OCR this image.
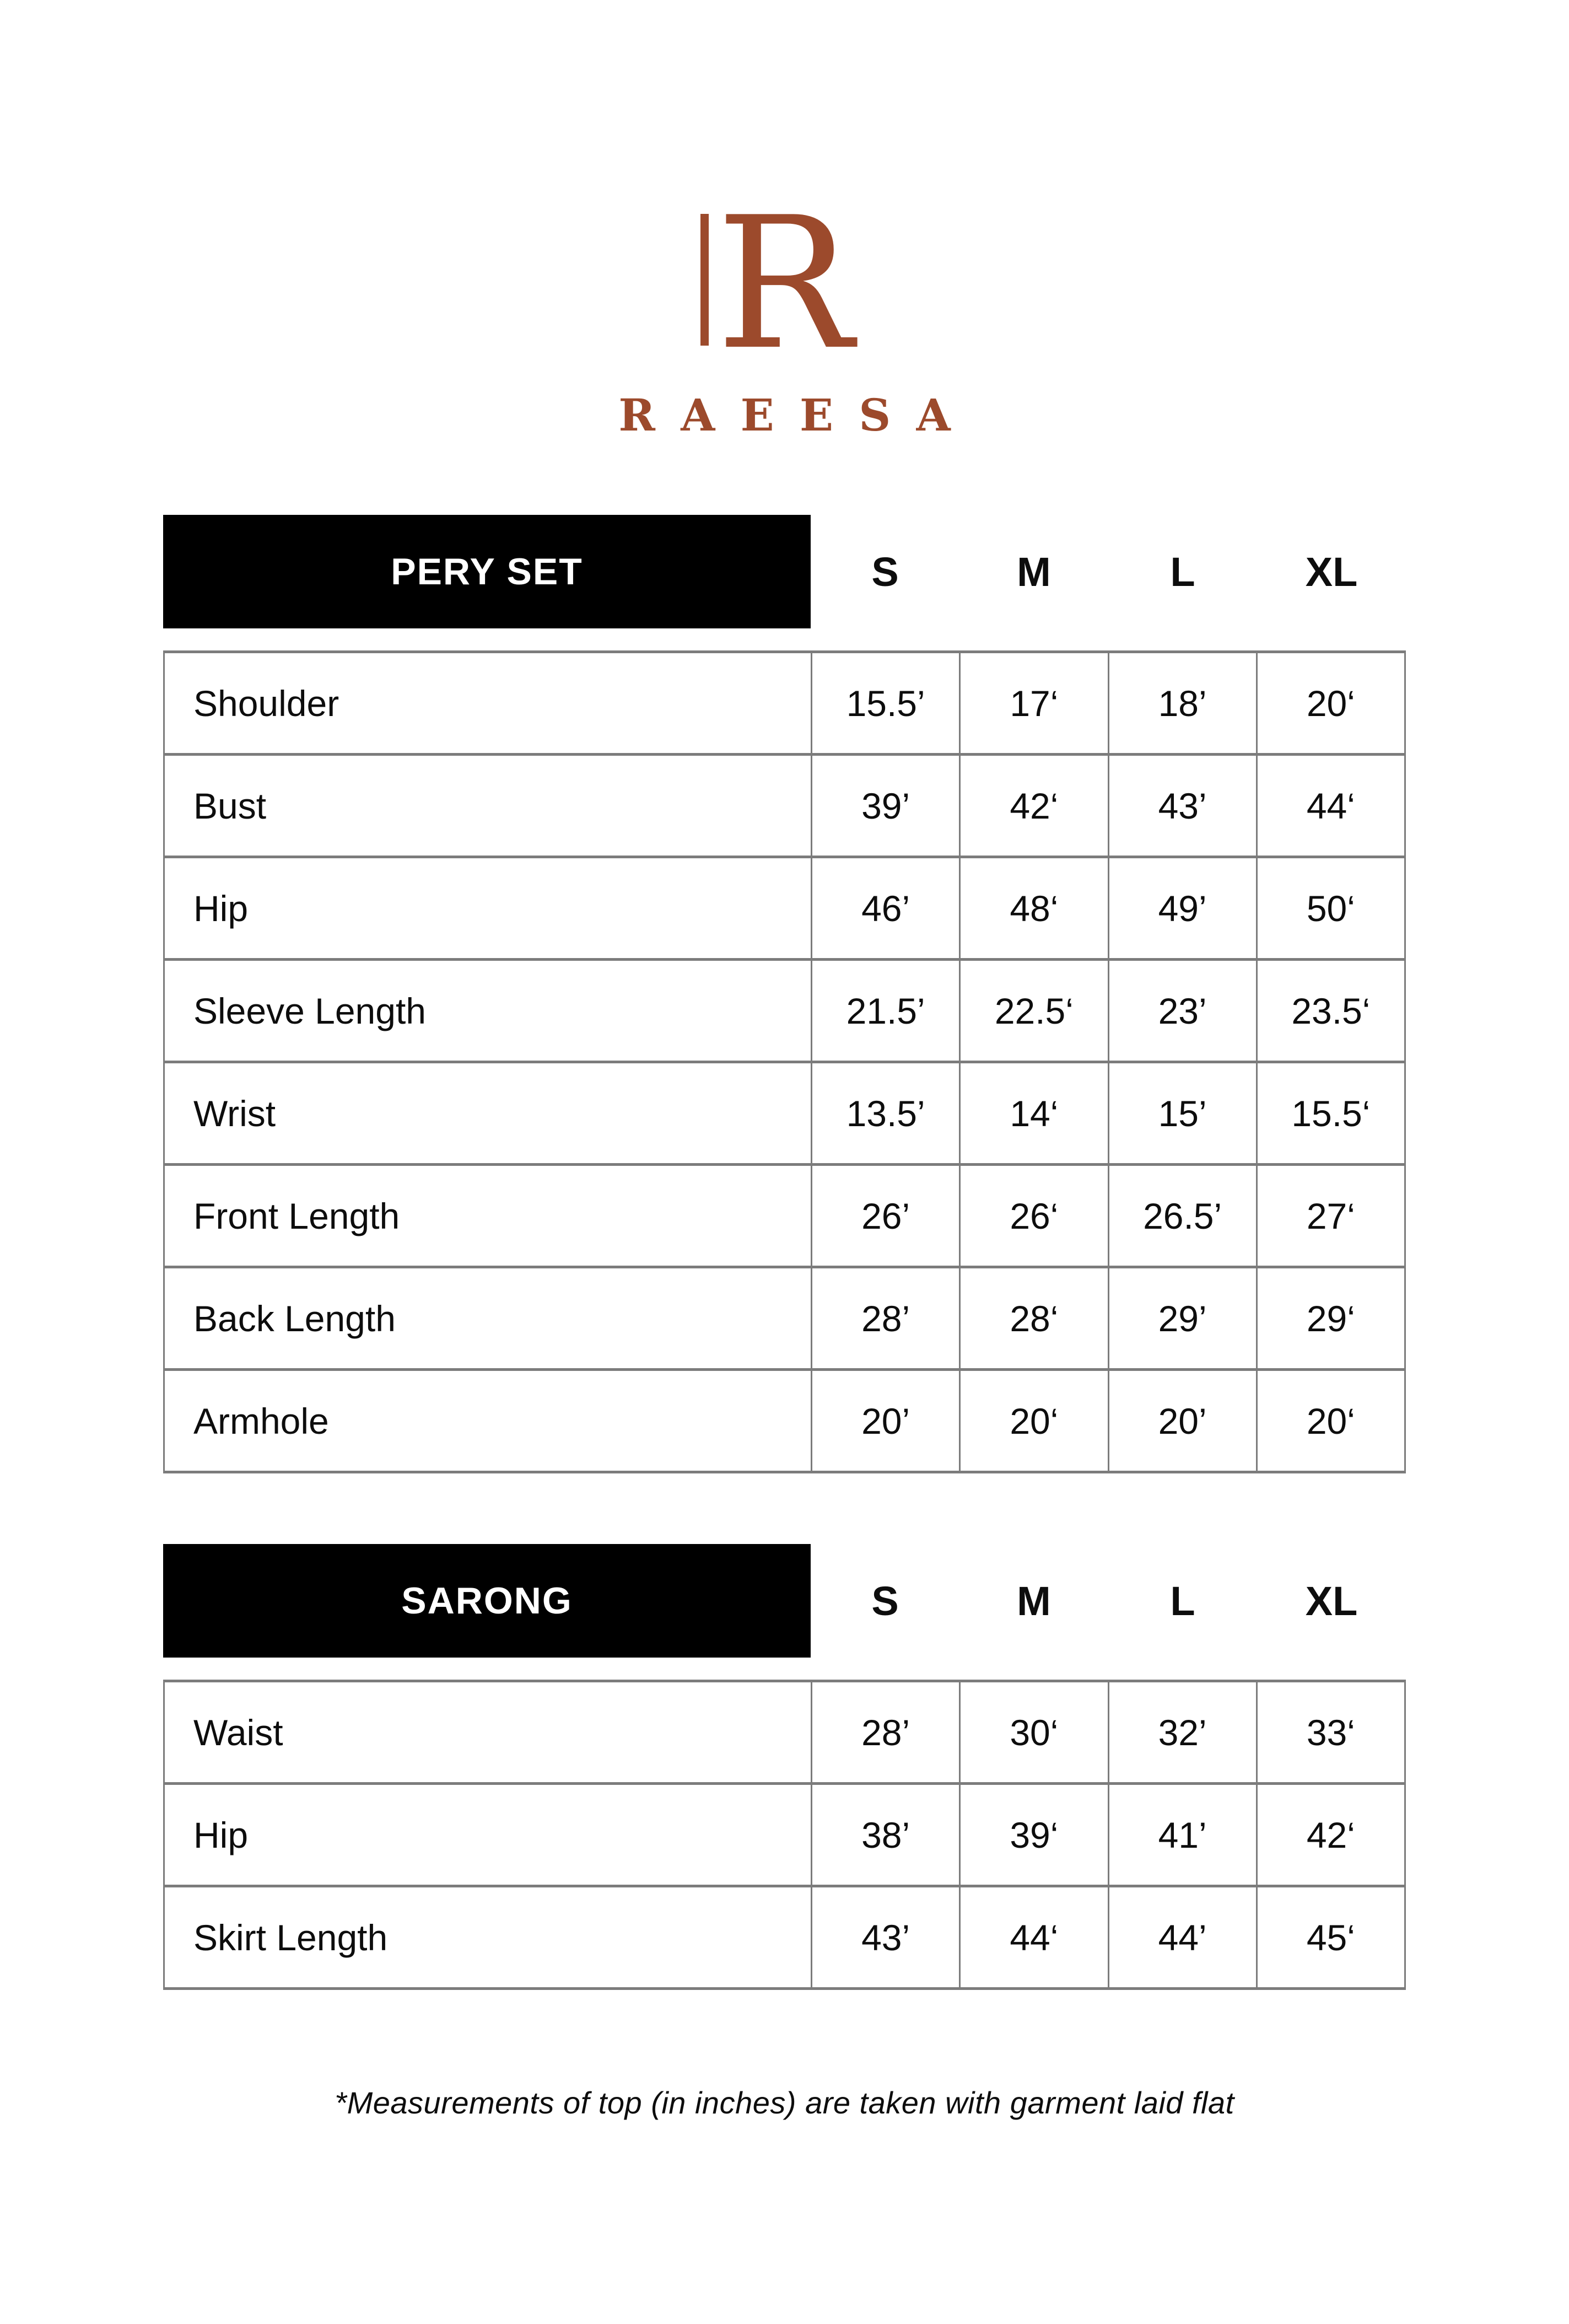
R
RAEESA
PERY SET	S	M	L	XL
Shoulder	15.5’	17‘	18’	20‘
Bust	39’	42‘	43’	44‘
Hip	46’	48‘	49’	50‘
Sleeve Length	21.5’	22.5‘	23’	23.5‘
Wrist	13.5’	14‘	15’	15.5‘
Front Length	26’	26‘	26.5’	27‘
Back Length	28’	28‘	29’	29‘
Armhole	20’	20‘	20’	20‘
SARONG	S	M	L	XL
Waist	28’	30‘	32’	33‘
Hip	38’	39‘	41’	42‘
Skirt Length	43’	44‘	44’	45‘

*Measurements of top (in inches) are taken with garment laid flat
